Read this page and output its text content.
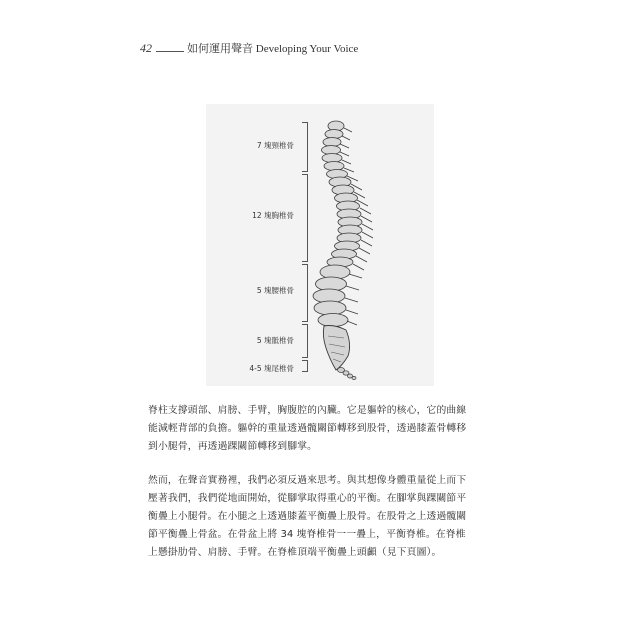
42	如何運用聲音 Developing Your Voice
7 塊頸椎骨
12 塊胸椎骨
5 塊腰椎骨
5 塊骶椎骨
4-5 塊尾椎骨
脊柱支撐頭部、肩膀、手臂，胸腹腔的內臟。它是軀幹的核心，它的曲線
能減輕背部的負擔。軀幹的重量透過髖關節轉移到股骨，透過膝蓋骨轉移
到小腿骨，再透過踝關節轉移到腳掌。
然而，在聲音實務裡，我們必須反過來思考。與其想像身體重量從上而下
壓著我們，我們從地面開始，從腳掌取得重心的平衡。在腳掌與踝關節平
衡疊上小腿骨。在小腿之上透過膝蓋平衡疊上股骨。在股骨之上透過髖關
節平衡疊上骨盆。在骨盆上將 34 塊脊椎骨一一疊上，平衡脊椎。在脊椎
上懸掛肋骨、肩膀、手臂。在脊椎頂端平衡疊上頭顱（見下頁圖）。
